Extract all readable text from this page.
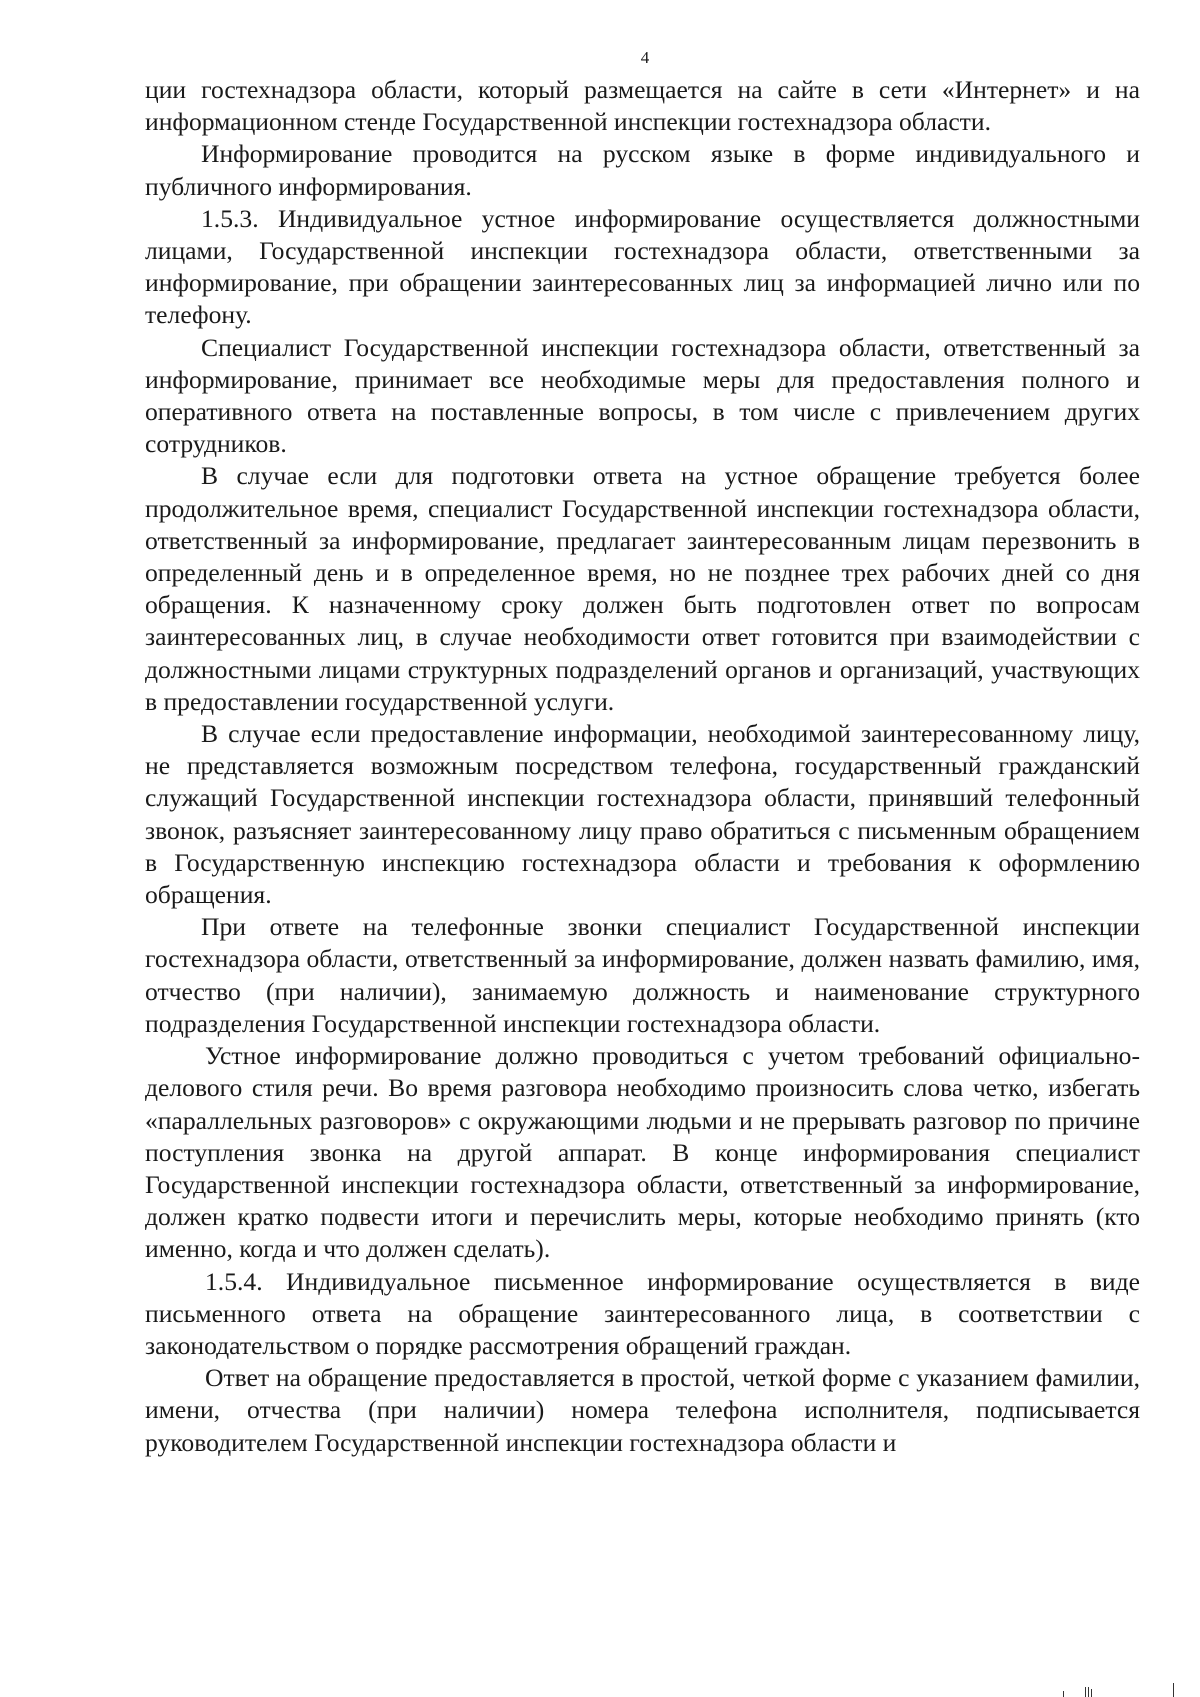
4

ции гостехнадзора области, который размещается на сайте в сети «Интернет» и на информационном стенде Государственной инспекции гостехнадзора области.

Информирование проводится на русском языке в форме индивидуального и публичного информирования.

1.5.3. Индивидуальное устное информирование осуществляется должностными лицами, Государственной инспекции гостехнадзора области, ответственными за информирование, при обращении заинтересованных лиц за информацией лично или по телефону.

Специалист Государственной инспекции гостехнадзора области, ответственный за информирование, принимает все необходимые меры для предоставления полного и оперативного ответа на поставленные вопросы, в том числе с привлечением других сотрудников.

В случае если для подготовки ответа на устное обращение требуется более продолжительное время, специалист Государственной инспекции гостехнадзора области, ответственный за информирование, предлагает заинтересованным лицам перезвонить в определенный день и в определенное время, но не позднее трех рабочих дней со дня обращения. К назначенному сроку должен быть подготовлен ответ по вопросам заинтересованных лиц, в случае необходимости ответ готовится при взаимодействии с должностными лицами структурных подразделений органов и организаций, участвующих в предоставлении государственной услуги.

В случае если предоставление информации, необходимой заинтересованному лицу, не представляется возможным посредством телефона, государственный гражданский служащий Государственной инспекции гостехнадзора области, принявший телефонный звонок, разъясняет заинтересованному лицу право обратиться с письменным обращением в Государственную инспекцию гостехнадзора области и требования к оформлению обращения.

При ответе на телефонные звонки специалист Государственной инспекции гостехнадзора области, ответственный за информирование, должен назвать фамилию, имя, отчество (при наличии), занимаемую должность и наименование структурного подразделения Государственной инспекции гостехнадзора области.

Устное информирование должно проводиться с учетом требований официально-делового стиля речи. Во время разговора необходимо произносить слова четко, избегать «параллельных разговоров» с окружающими людьми и не прерывать разговор по причине поступления звонка на другой аппарат. В конце информирования специалист Государственной инспекции гостехнадзора области, ответственный за информирование, должен кратко подвести итоги и перечислить меры, которые необходимо принять (кто именно, когда и что должен сделать).

1.5.4. Индивидуальное письменное информирование осуществляется в виде письменного ответа на обращение заинтересованного лица, в соответствии с законодательством о порядке рассмотрения обращений граждан.

Ответ на обращение предоставляется в простой, четкой форме с указанием фамилии, имени, отчества (при наличии) номера телефона исполнителя, подписывается руководителем Государственной инспекции гостехнадзора области и
